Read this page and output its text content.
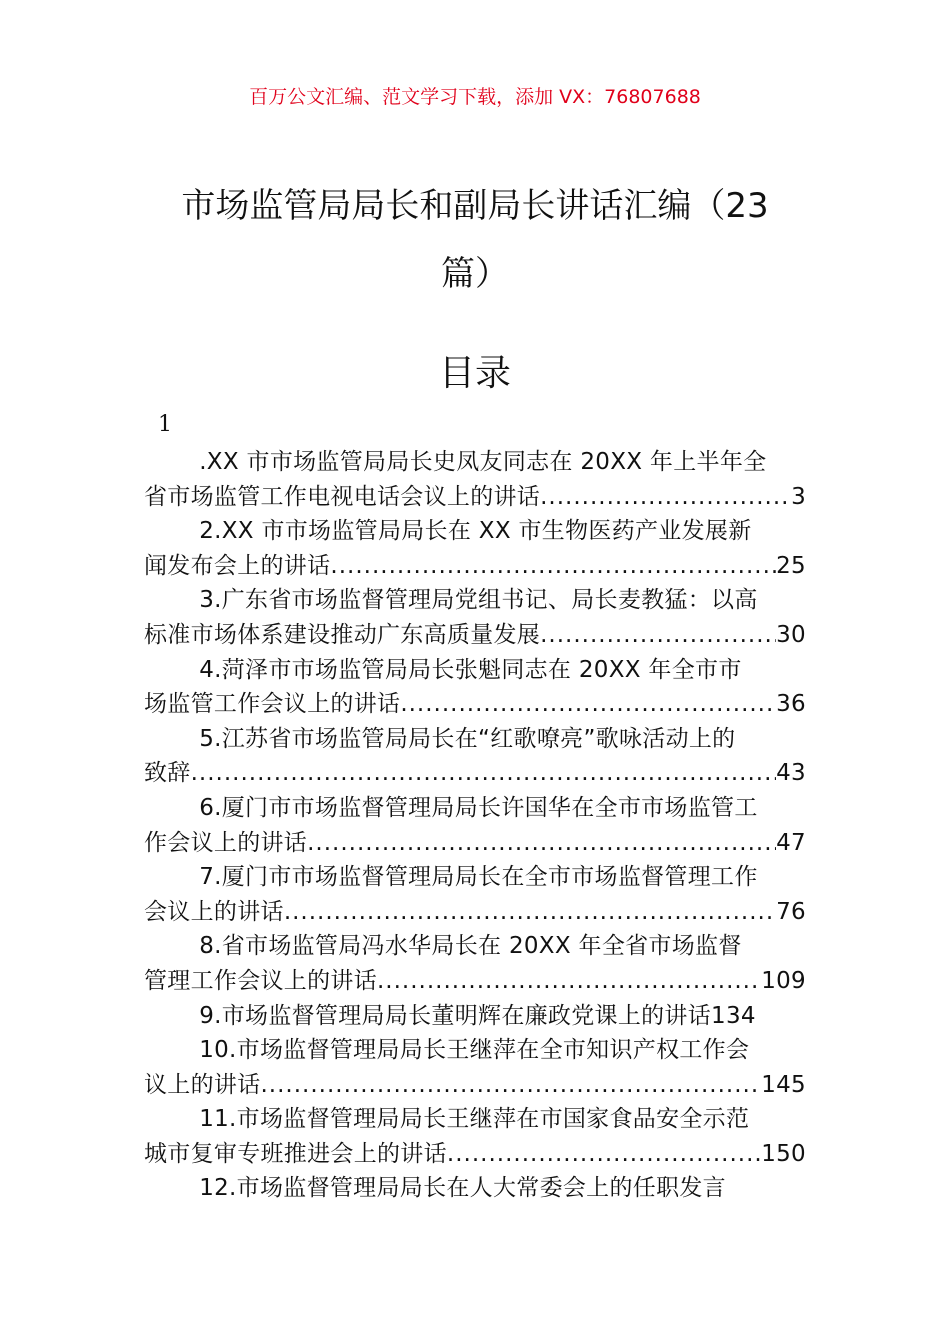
百万公文汇编、范文学习下载，添加 VX：76807688
市场监管局局长和副局长讲话汇编（23
篇）
目录
1
.XX 市市场监管局局长史凤友同志在 20XX 年上半年全
省市场监管工作电视电话会议上的讲话 .....	3
2.XX 市市场监管局局长在 XX 市生物医药产业发展新
闻发布会上的讲话 .....	25
3.广东省市场监督管理局党组书记、局长麦教猛：以高
标准市场体系建设推动广东高质量发展 .....	30
4.菏泽市市场监管局局长张魁同志在 20XX 年全市市
场监管工作会议上的讲话 .....	36
5.江苏省市场监管局局长在“红歌嘹亮”歌咏活动上的
致辞 .....	43
6.厦门市市场监督管理局局长许国华在全市市场监管工
作会议上的讲话 .....	47
7.厦门市市场监督管理局局长在全市市场监督管理工作
会议上的讲话 .....	76
8.省市场监管局冯水华局长在 20XX 年全省市场监督
管理工作会议上的讲话 .....	109
9.市场监督管理局局长董明辉在廉政党课上的讲话134
10.市场监督管理局局长王继萍在全市知识产权工作会
议上的讲话 .....	145
11.市场监督管理局局长王继萍在市国家食品安全示范
城市复审专班推进会上的讲话 .....	150
12.市场监督管理局局长在人大常委会上的任职发言
